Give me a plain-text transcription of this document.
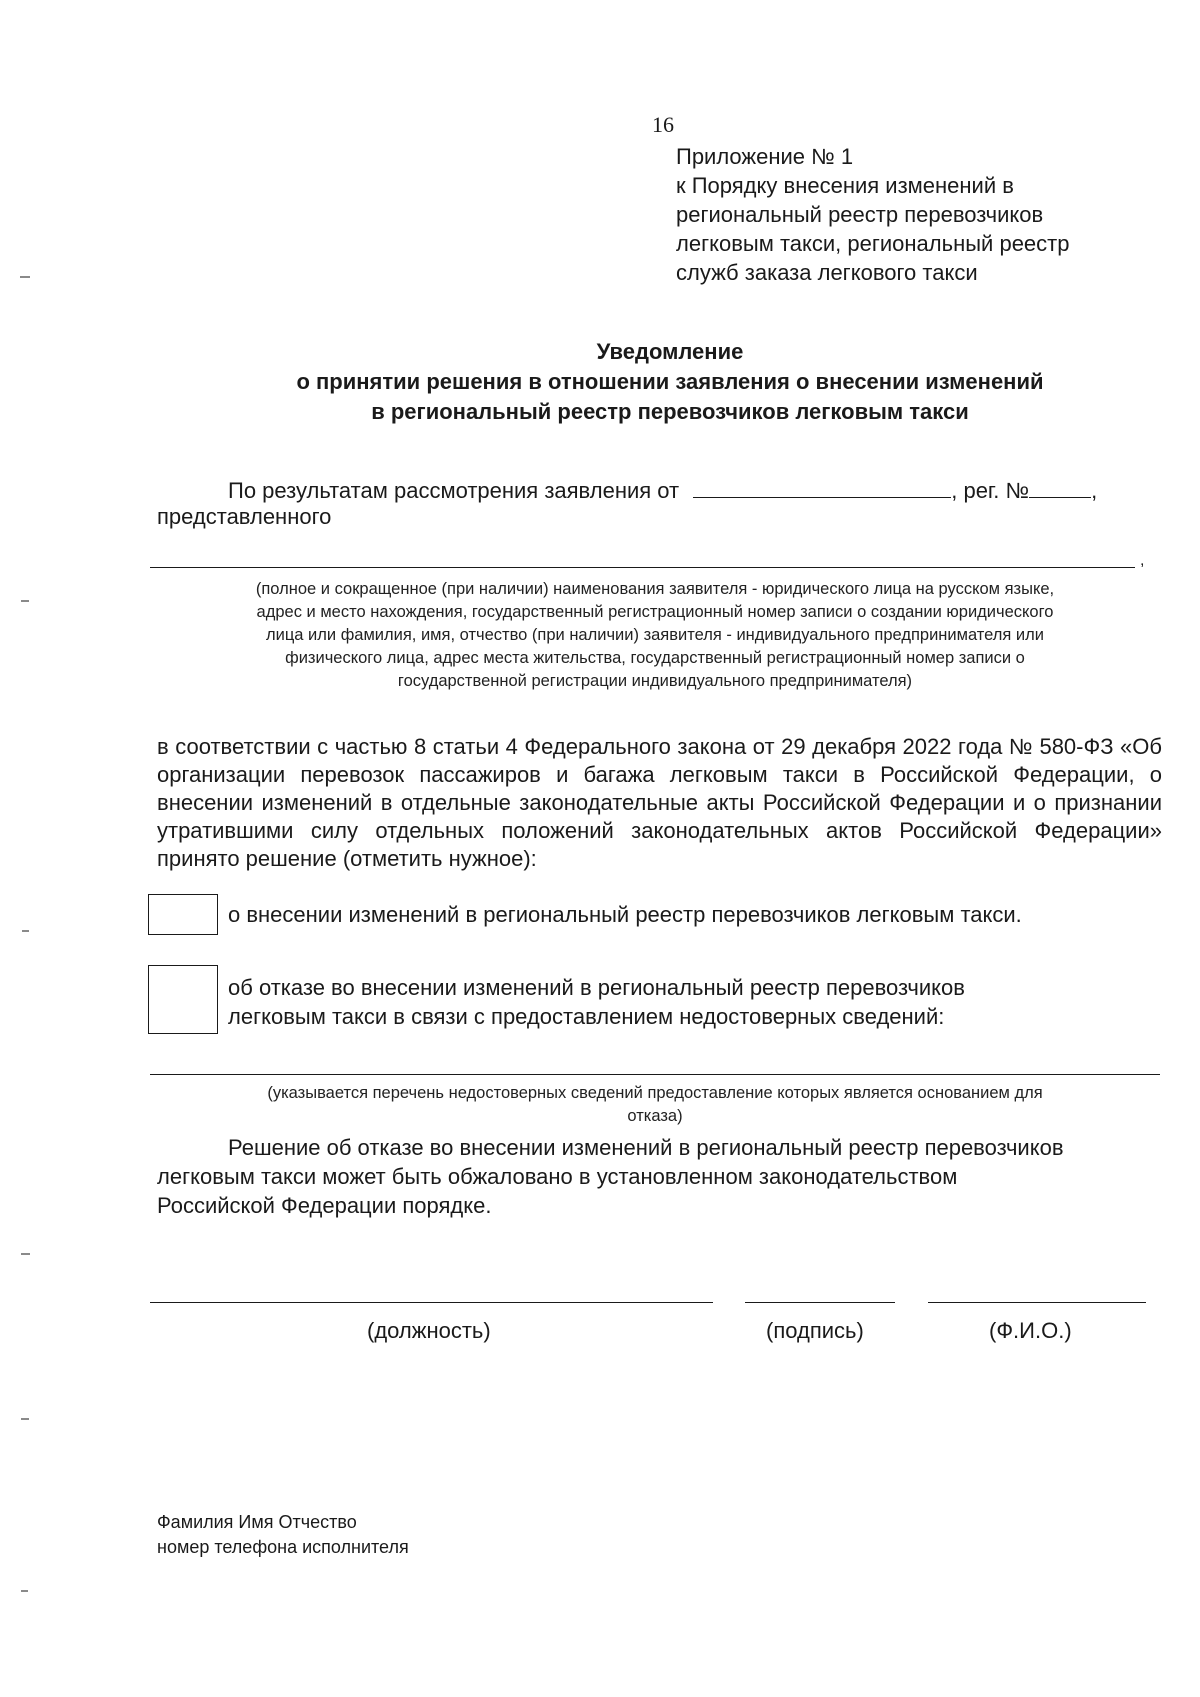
16
Приложение № 1
к Порядку внесения изменений в
региональный реестр перевозчиков
легковым такси, региональный реестр
служб заказа легкового такси
Уведомление
о принятии решения в отношении заявления о внесении изменений
в региональный реестр перевозчиков легковым такси
По результатам рассмотрения заявления от	, рег. №	,
представленного
,
(полное и сокращенное (при наличии) наименования заявителя - юридического лица на русском языке,
адрес и место нахождения, государственный регистрационный номер записи о создании юридического
лица или фамилия, имя, отчество (при наличии) заявителя - индивидуального предпринимателя или
физического лица, адрес места жительства, государственный регистрационный номер записи о
государственной регистрации индивидуального предпринимателя)
в соответствии с частью 8 статьи 4 Федерального закона от 29 декабря 2022 года № 580-ФЗ «Об организации перевозок пассажиров и багажа легковым такси в Российской Федерации, о внесении изменений в отдельные законодательные акты Российской Федерации и о признании утратившими силу отдельных положений законодательных актов Российской Федерации» принято решение (отметить нужное):
о внесении изменений в региональный реестр перевозчиков легковым такси.
об отказе во внесении изменений в региональный реестр перевозчиков
легковым такси в связи с предоставлением недостоверных сведений:
(указывается перечень недостоверных сведений предоставление которых является основанием для
отказа)
Решение об отказе во внесении изменений в региональный реестр перевозчиков
легковым такси может быть обжаловано в установленном законодательством
Российской Федерации порядке.
(должность)	(подпись)	(Ф.И.О.)
Фамилия Имя Отчество
номер телефона исполнителя
